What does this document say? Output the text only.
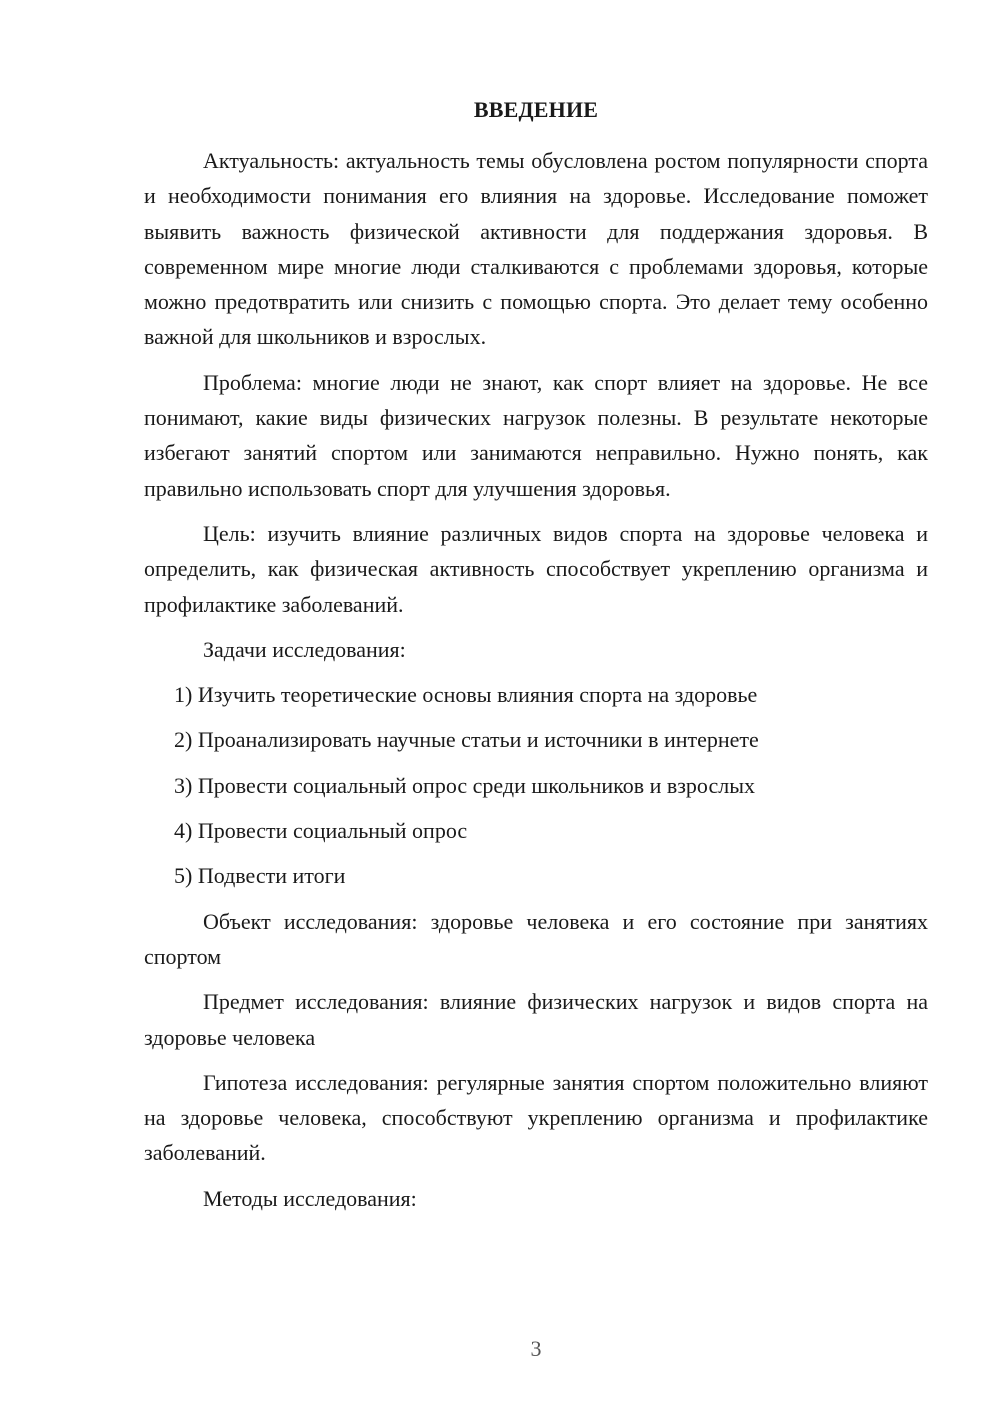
ВВЕДЕНИЕ

Актуальность: актуальность темы обусловлена ростом популярности спорта и необходимости понимания его влияния на здоровье. Исследование поможет выявить важность физической активности для поддержания здоровья. В современном мире многие люди сталкиваются с проблемами здоровья, которые можно предотвратить или снизить с помощью спорта. Это делает тему особенно важной для школьников и взрослых.

Проблема: многие люди не знают, как спорт влияет на здоровье. Не все понимают, какие виды физических нагрузок полезны. В результате некоторые избегают занятий спортом или занимаются неправильно. Нужно понять, как правильно использовать спорт для улучшения здоровья.

Цель: изучить влияние различных видов спорта на здоровье человека и определить, как физическая активность способствует укреплению организма и профилактике заболеваний.

Задачи исследования:

1) Изучить теоретические основы влияния спорта на здоровье
2) Проанализировать научные статьи и источники в интернете
3) Провести социальный опрос среди школьников и взрослых
4) Провести социальный опрос
5) Подвести итоги

Объект исследования: здоровье человека и его состояние при занятиях спортом

Предмет исследования: влияние физических нагрузок и видов спорта на здоровье человека

Гипотеза исследования: регулярные занятия спортом положительно влияют на здоровье человека, способствуют укреплению организма и профилактике заболеваний.

Методы исследования:

3
